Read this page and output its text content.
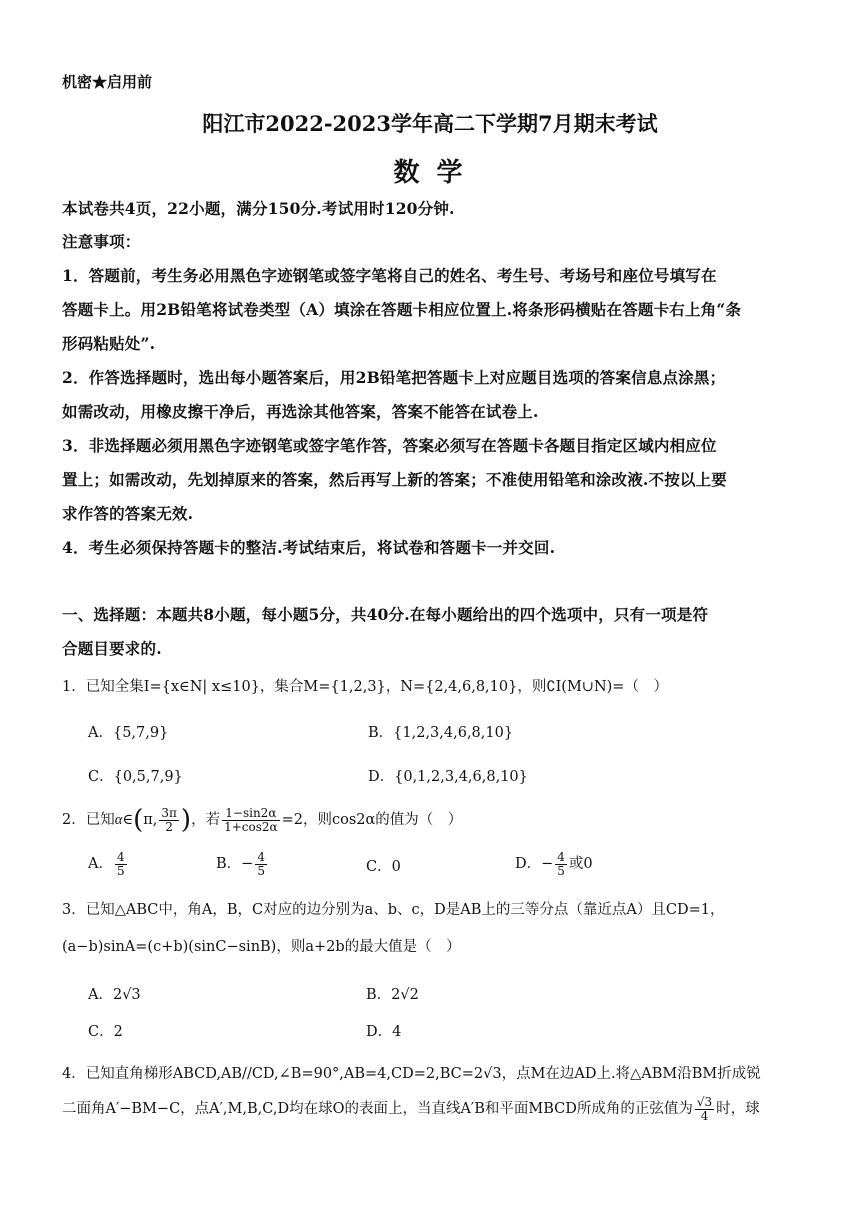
机密★启用前
阳江市2022-2023学年高二下学期7月期末考试
数 学
本试卷共4页，22小题，满分150分.考试用时120分钟.
注意事项：
1．答题前，考生务必用黑色字迹钢笔或签字笔将自己的姓名、考生号、考场号和座位号填写在
答题卡上。用2B铅笔将试卷类型（A）填涂在答题卡相应位置上.将条形码横贴在答题卡右上角“条
形码粘贴处”.
2．作答选择题时，选出每小题答案后，用2B铅笔把答题卡上对应题目选项的答案信息点涂黑；
如需改动，用橡皮擦干净后，再选涂其他答案，答案不能答在试卷上.
3．非选择题必须用黑色字迹钢笔或签字笔作答，答案必须写在答题卡各题目指定区域内相应位
置上；如需改动，先划掉原来的答案，然后再写上新的答案；不准使用铅笔和涂改液.不按以上要
求作答的答案无效.
4．考生必须保持答题卡的整洁.考试结束后，将试卷和答题卡一并交回.
一、选择题：本题共8小题，每小题5分，共40分.在每小题给出的四个选项中，只有一项是符
合题目要求的.
1．已知全集I={x∈N| x≤10}，集合M={1,2,3}，N={2,4,6,8,10}，则∁I(M∪N)=（　）
A．{5,7,9}	B．{1,2,3,4,6,8,10}
C．{0,5,7,9}	D．{0,1,2,3,4,6,8,10}
2．已知α∈(π, $\frac{3\pi}{2}$ )，若 $\frac{1-\sin 2\alpha}{1+\cos 2\alpha} =2$，则cos2α的值为（　）
A． $\frac{4}{5}$	B．− $\frac{4}{5}$	C．0	D．− $\frac{4}{5}$ 或0
3．已知△ABC中，角A，B，C对应的边分别为a、b、c，D是AB上的三等分点（靠近点A）且CD=1，
(a−b)sinA=(c+b)(sinC−sinB)，则a+2b的最大值是（　）
A．2√3	B．2√2
C．2	D．4
4．已知直角梯形ABCD,AB//CD,∠B=90°,AB=4,CD=2,BC=2√3，点M在边AD上.将△ABM沿BM折成锐
二面角A′−BM−C，点A′,M,B,C,D均在球O的表面上，当直线A′B和平面MBCD所成角的正弦值为 $\frac{√3}{4}$ 时，球
